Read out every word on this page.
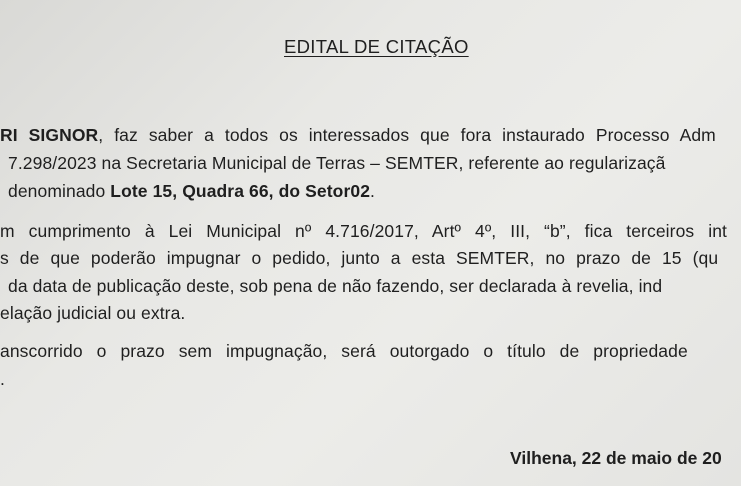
EDITAL DE CITAÇÃO
RI SIGNOR, faz saber a todos os interessados que fora instaurado Processo Adm
7.298/2023 na Secretaria Municipal de Terras – SEMTER, referente ao regularizaçã
denominado Lote 15, Quadra 66, do Setor02.
m cumprimento à Lei Municipal nº 4.716/2017, Artº 4º, III, “b”, fica terceiros int
s de que poderão impugnar o pedido, junto a esta SEMTER, no prazo de 15 (qu
da data de publicação deste, sob pena de não fazendo, ser declarada à revelia, ind
elação judicial ou extra.
anscorrido o prazo sem impugnação, será outorgado o título de propriedade
.
Vilhena, 22 de maio de 20
